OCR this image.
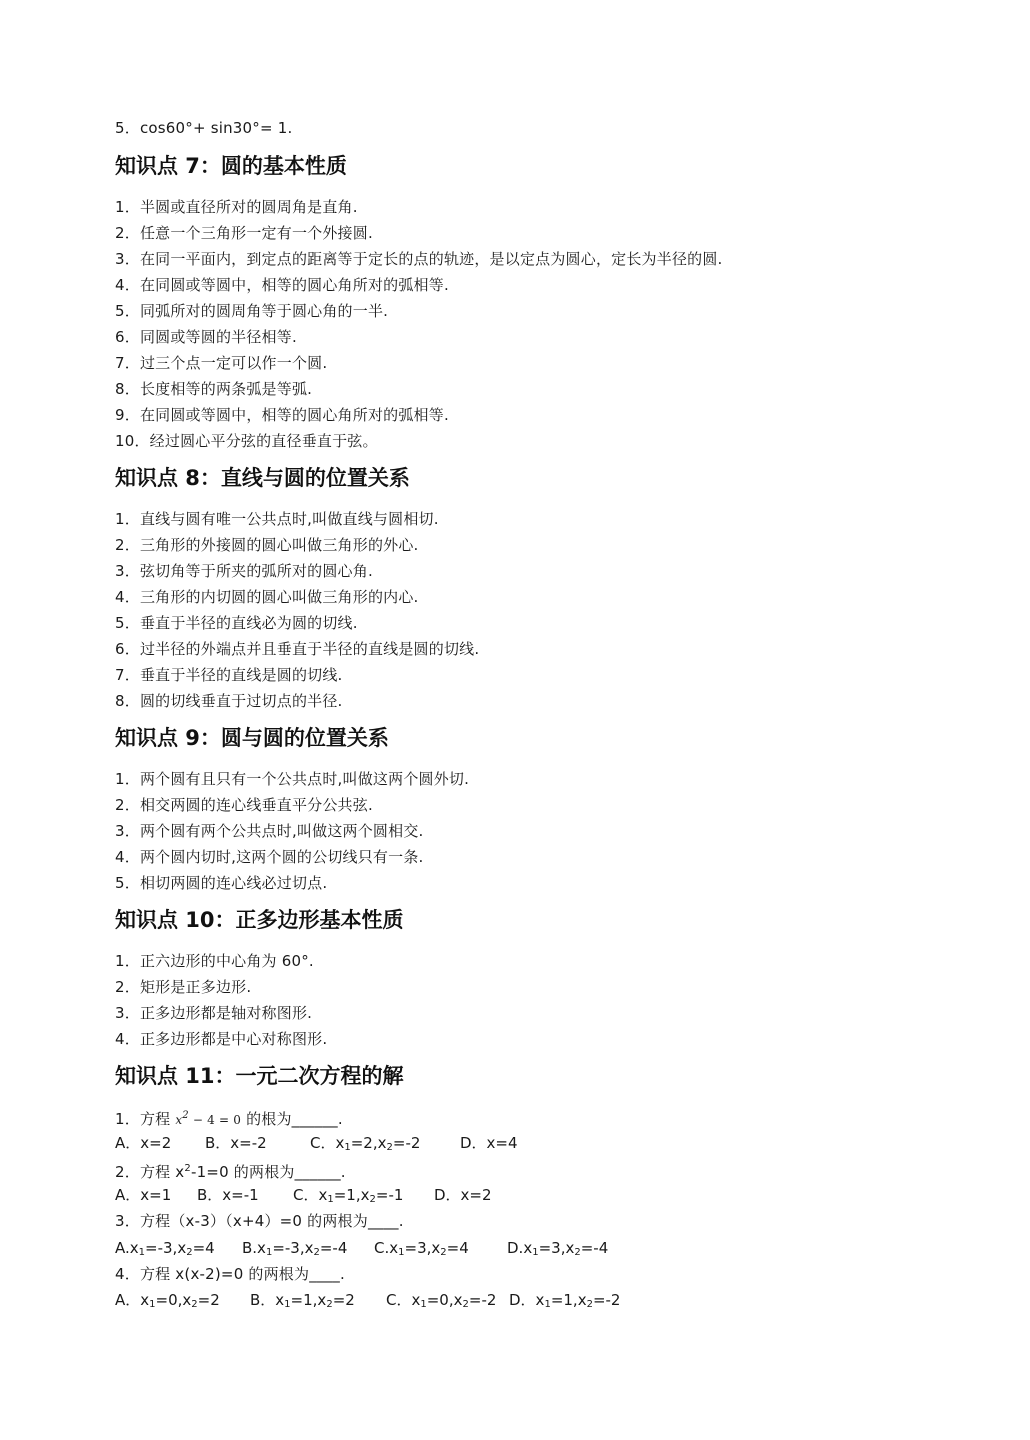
5．cos60°+ sin30°= 1.
知识点 7：圆的基本性质
1．半圆或直径所对的圆周角是直角.
2．任意一个三角形一定有一个外接圆.
3．在同一平面内，到定点的距离等于定长的点的轨迹，是以定点为圆心，定长为半径的圆.
4．在同圆或等圆中，相等的圆心角所对的弧相等.
5．同弧所对的圆周角等于圆心角的一半.
6．同圆或等圆的半径相等.
7．过三个点一定可以作一个圆.
8．长度相等的两条弧是等弧.
9．在同圆或等圆中，相等的圆心角所对的弧相等.
10．经过圆心平分弦的直径垂直于弦。
知识点 8：直线与圆的位置关系
1．直线与圆有唯一公共点时,叫做直线与圆相切.
2．三角形的外接圆的圆心叫做三角形的外心.
3．弦切角等于所夹的弧所对的圆心角.
4．三角形的内切圆的圆心叫做三角形的内心.
5．垂直于半径的直线必为圆的切线.
6．过半径的外端点并且垂直于半径的直线是圆的切线.
7．垂直于半径的直线是圆的切线.
8．圆的切线垂直于过切点的半径.
知识点 9：圆与圆的位置关系
1．两个圆有且只有一个公共点时,叫做这两个圆外切.
2．相交两圆的连心线垂直平分公共弦.
3．两个圆有两个公共点时,叫做这两个圆相交.
4．两个圆内切时,这两个圆的公切线只有一条.
5．相切两圆的连心线必过切点.
知识点 10：正多边形基本性质
1．正六边形的中心角为 60°.
2．矩形是正多边形.
3．正多边形都是轴对称图形.
4．正多边形都是中心对称图形.
知识点 11：一元二次方程的解
1．方程 $x^2 - 4 = 0$ 的根为______.
A．x=2 B．x=-2	C．$x_1=2,x_2=-2$	D．x=4
2．方程 $x^2-1=0$ 的两根为______.
A．x=1 B．x=-1 C．$x_1=1,x_2=-1$ D．x=2
3．方程（x-3）（x+4）=0 的两根为____.
$A.x_1=-3,x_2=4$ $B.x_1=-3,x_2=-4$ $C.x_1=3,x_2=4$	$D.x_1=3,x_2=-4$
4．方程 x(x-2)=0 的两根为____.
A．$x_1=0,x_2=2$ B．$x_1=1,x_2=2$ C．$x_1=0,x_2=-2$ D．$x_1=1,x_2=-2$
